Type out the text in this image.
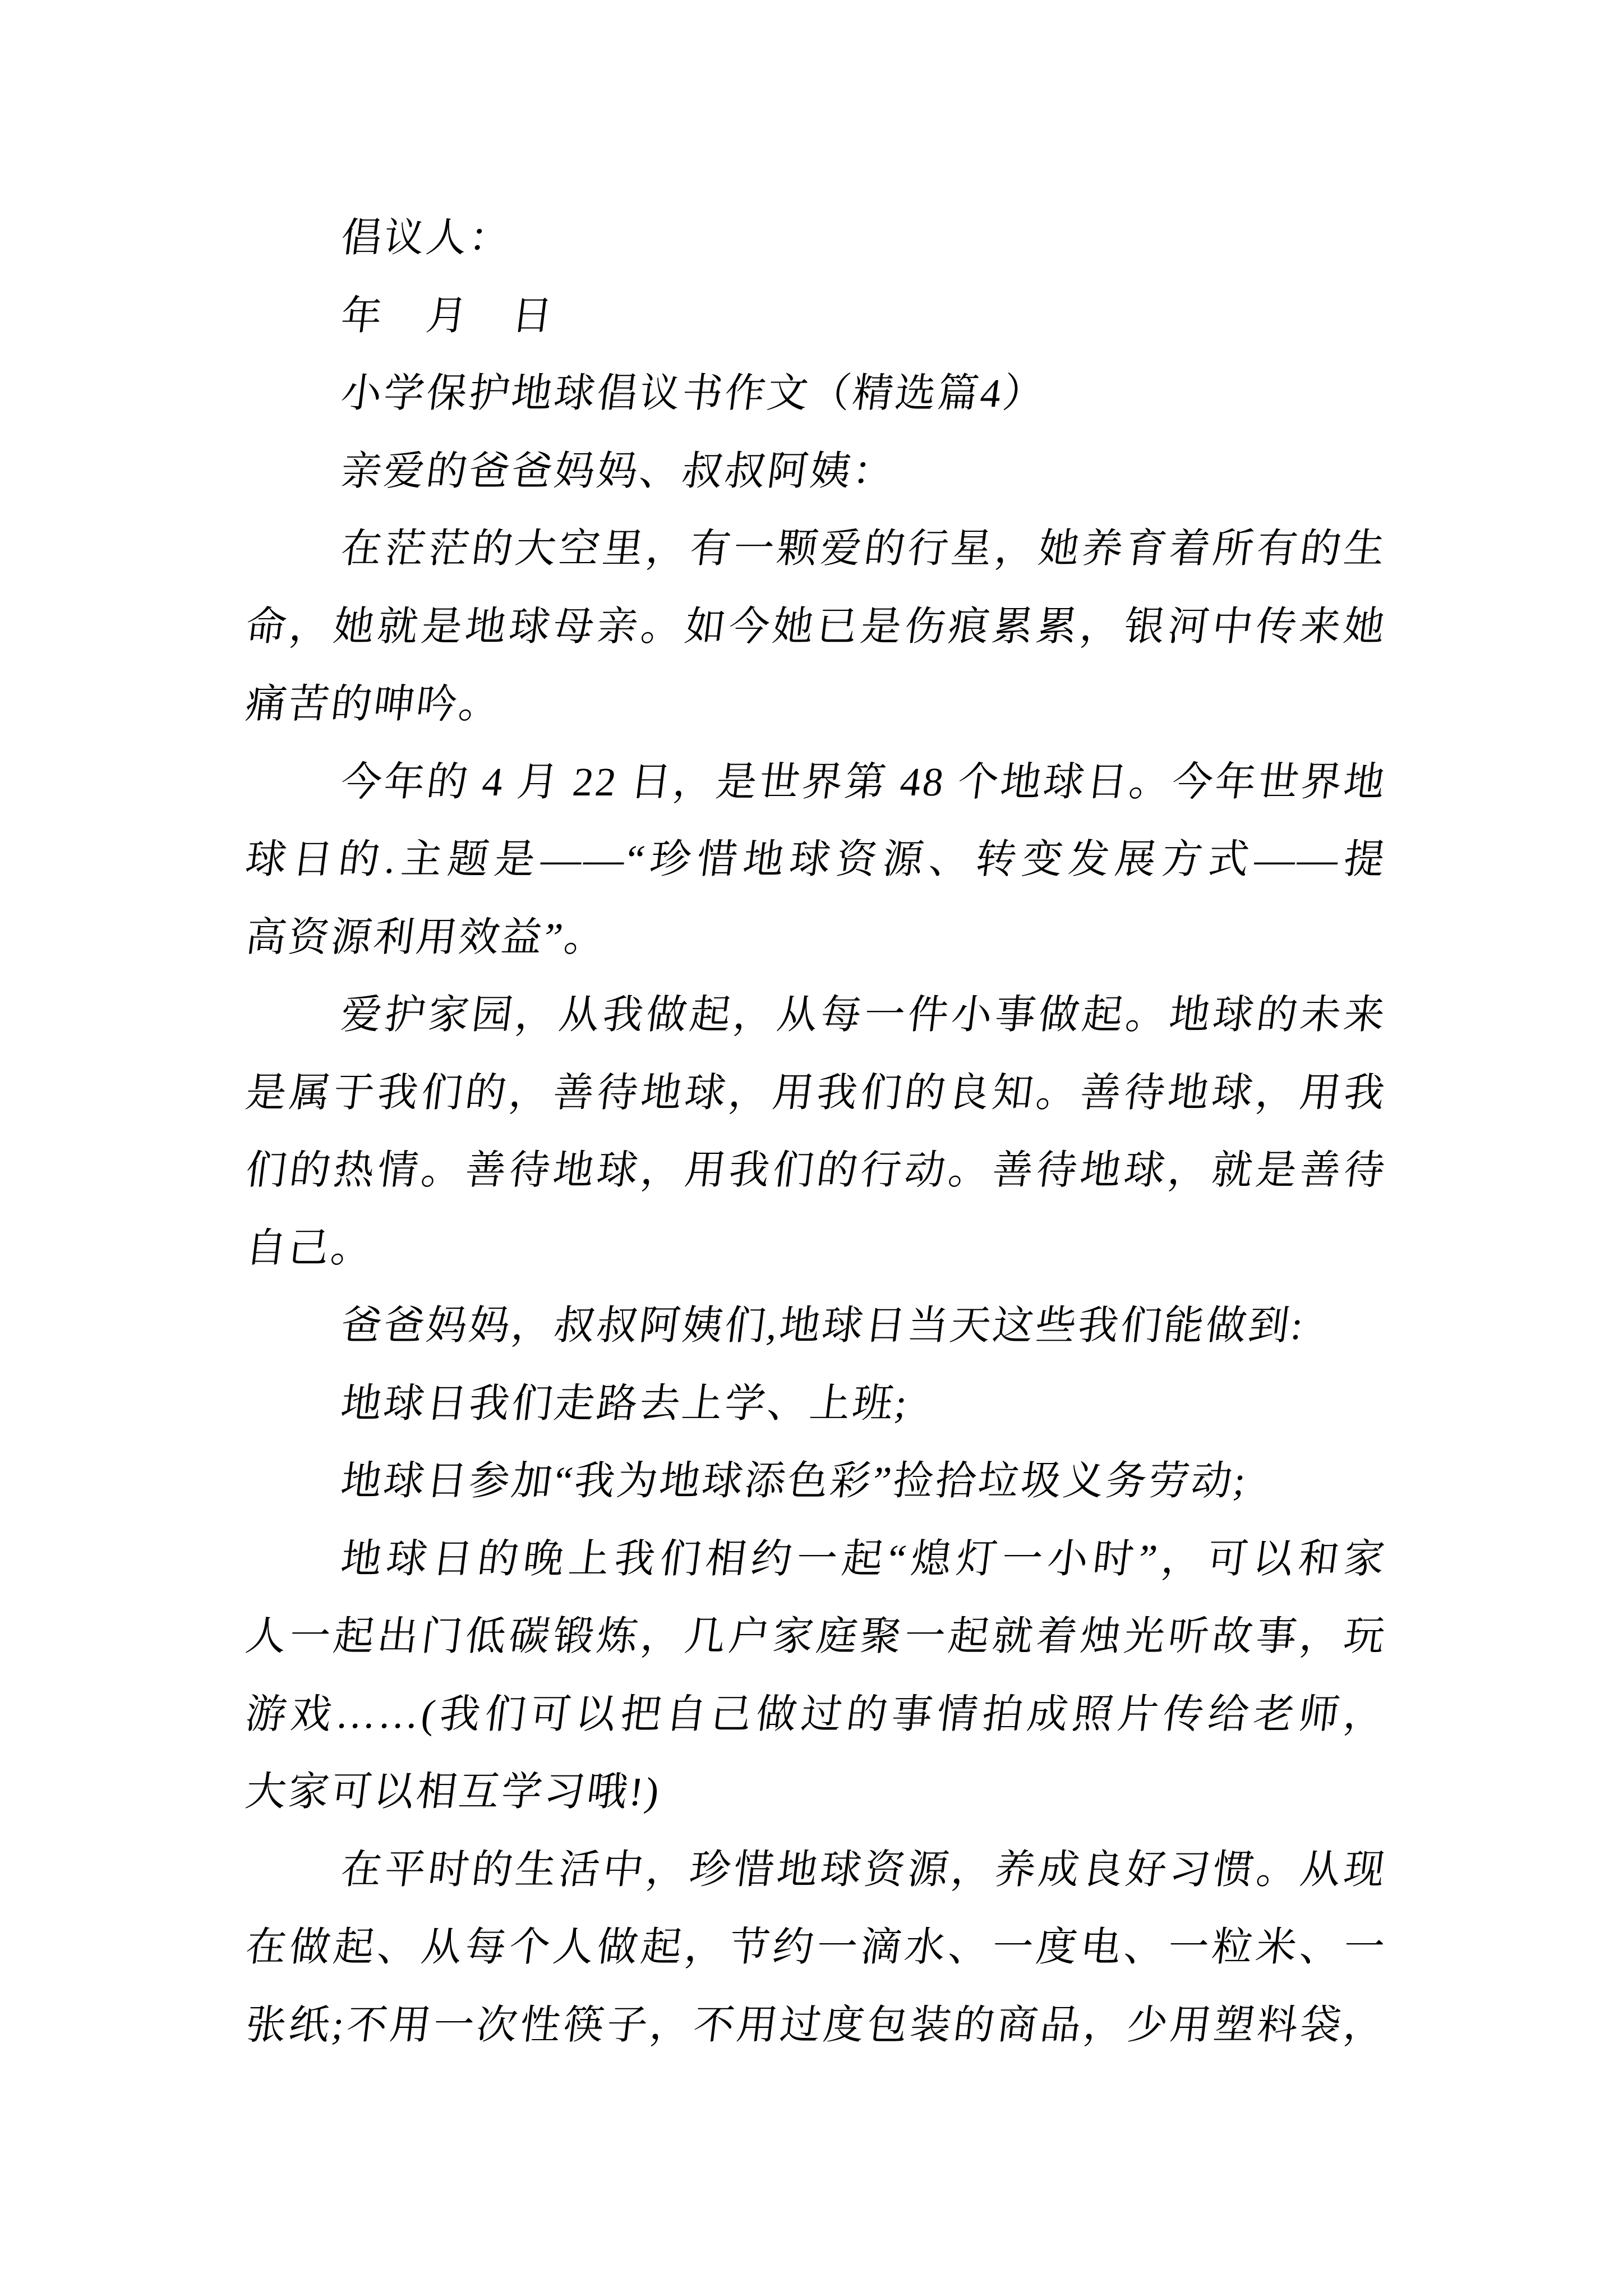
倡议人：
年　月　日
小学保护地球倡议书作文（精选篇4）
亲爱的爸爸妈妈、叔叔阿姨：
在茫茫的大空里，有一颗爱的行星，她养育着所有的生
命，她就是地球母亲。如今她已是伤痕累累，银河中传来她
痛苦的呻吟。
今年的 4 月 22 日，是世界第 48 个地球日。今年世界地
球日的.主题是——“珍惜地球资源、转变发展方式——提
高资源利用效益”。
爱护家园，从我做起，从每一件小事做起。地球的未来
是属于我们的，善待地球，用我们的良知。善待地球，用我
们的热情。善待地球，用我们的行动。善待地球，就是善待
自己。
爸爸妈妈，叔叔阿姨们,地球日当天这些我们能做到:
地球日我们走路去上学、上班;
地球日参加“我为地球添色彩”捡拾垃圾义务劳动;
地球日的晚上我们相约一起“熄灯一小时”，可以和家
人一起出门低碳锻炼，几户家庭聚一起就着烛光听故事，玩
游戏……(我们可以把自己做过的事情拍成照片传给老师，
大家可以相互学习哦!)
在平时的生活中，珍惜地球资源，养成良好习惯。从现
在做起、从每个人做起，节约一滴水、一度电、一粒米、一
张纸;不用一次性筷子，不用过度包装的商品，少用塑料袋，
